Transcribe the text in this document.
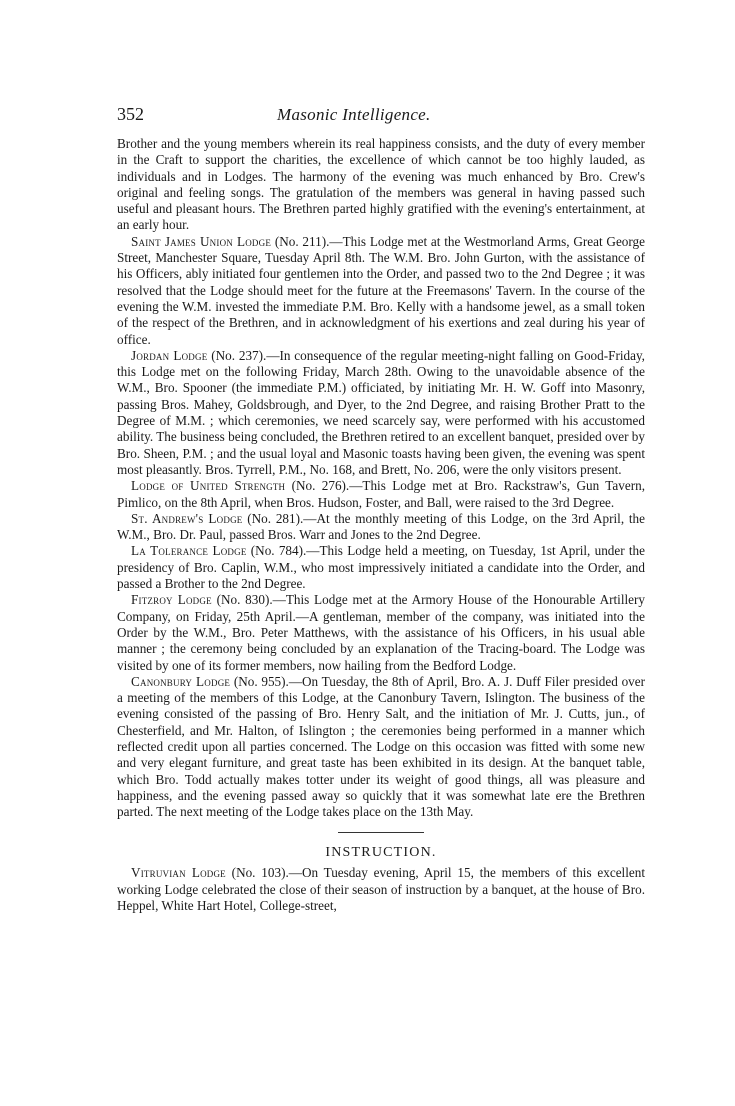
352	Masonic Intelligence.

Brother and the young members wherein its real happiness consists, and the duty of every member in the Craft to support the charities, the excellence of which cannot be too highly lauded, as individuals and in Lodges. The harmony of the evening was much enhanced by Bro. Crew's original and feeling songs. The gratulation of the members was general in having passed such useful and pleasant hours. The Brethren parted highly gratified with the evening's entertainment, at an early hour.

Saint James Union Lodge (No. 211).—This Lodge met at the Westmorland Arms, Great George Street, Manchester Square, Tuesday April 8th. The W.M. Bro. John Gurton, with the assistance of his Officers, ably initiated four gentlemen into the Order, and passed two to the 2nd Degree ; it was resolved that the Lodge should meet for the future at the Freemasons' Tavern. In the course of the evening the W.M. invested the immediate P.M. Bro. Kelly with a handsome jewel, as a small token of the respect of the Brethren, and in acknowledgment of his exertions and zeal during his year of office.

Jordan Lodge (No. 237).—In consequence of the regular meeting-night falling on Good-Friday, this Lodge met on the following Friday, March 28th. Owing to the unavoidable absence of the W.M., Bro. Spooner (the immediate P.M.) officiated, by initiating Mr. H. W. Goff into Masonry, passing Bros. Mahey, Goldsbrough, and Dyer, to the 2nd Degree, and raising Brother Pratt to the Degree of M.M. ; which ceremonies, we need scarcely say, were performed with his accustomed ability. The business being concluded, the Brethren retired to an excellent banquet, presided over by Bro. Sheen, P.M. ; and the usual loyal and Masonic toasts having been given, the evening was spent most pleasantly. Bros. Tyrrell, P.M., No. 168, and Brett, No. 206, were the only visitors present.

Lodge of United Strength (No. 276).—This Lodge met at Bro. Rackstraw's, Gun Tavern, Pimlico, on the 8th April, when Bros. Hudson, Foster, and Ball, were raised to the 3rd Degree.

St. Andrew's Lodge (No. 281).—At the monthly meeting of this Lodge, on the 3rd April, the W.M., Bro. Dr. Paul, passed Bros. Warr and Jones to the 2nd Degree.

La Tolerance Lodge (No. 784).—This Lodge held a meeting, on Tuesday, 1st April, under the presidency of Bro. Caplin, W.M., who most impressively initiated a candidate into the Order, and passed a Brother to the 2nd Degree.

Fitzroy Lodge (No. 830).—This Lodge met at the Armory House of the Honourable Artillery Company, on Friday, 25th April.—A gentleman, member of the company, was initiated into the Order by the W.M., Bro. Peter Matthews, with the assistance of his Officers, in his usual able manner ; the ceremony being concluded by an explanation of the Tracing-board. The Lodge was visited by one of its former members, now hailing from the Bedford Lodge.

Canonbury Lodge (No. 955).—On Tuesday, the 8th of April, Bro. A. J. Duff Filer presided over a meeting of the members of this Lodge, at the Canonbury Tavern, Islington. The business of the evening consisted of the passing of Bro. Henry Salt, and the initiation of Mr. J. Cutts, jun., of Chesterfield, and Mr. Halton, of Islington ; the ceremonies being performed in a manner which reflected credit upon all parties concerned. The Lodge on this occasion was fitted with some new and very elegant furniture, and great taste has been exhibited in its design. At the banquet table, which Bro. Todd actually makes totter under its weight of good things, all was pleasure and happiness, and the evening passed away so quickly that it was somewhat late ere the Brethren parted. The next meeting of the Lodge takes place on the 13th May.

INSTRUCTION.

Vitruvian Lodge (No. 103).—On Tuesday evening, April 15, the members of this excellent working Lodge celebrated the close of their season of instruction by a banquet, at the house of Bro. Heppel, White Hart Hotel, College-street,
